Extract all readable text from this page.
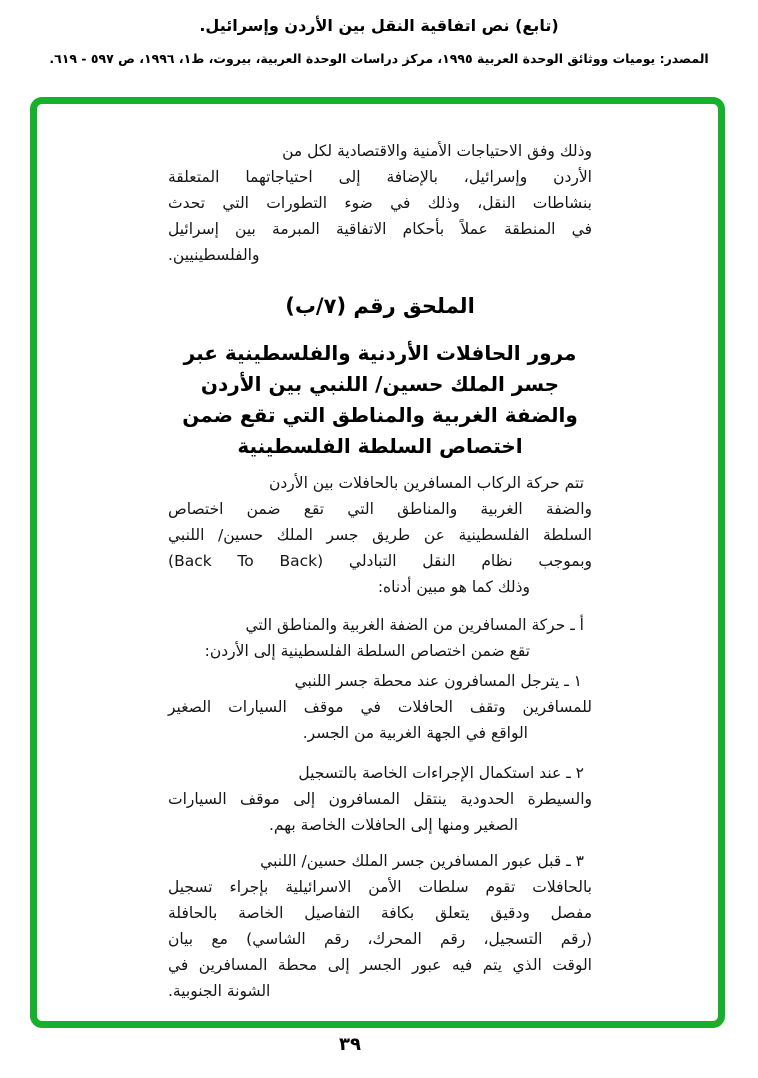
(تابع) نص اتفاقية النقل بين الأردن وإسرائيل.
المصدر: يوميات ووثائق الوحدة العربية ١٩٩٥، مركز دراسات الوحدة العربية، بيروت، ط١، ١٩٩٦، ص ٥٩٧ - ٦١٩.
وذلك وفق الاحتياجات الأمنية والاقتصادية لكل من
الأردن وإسرائيل، بالإضافة إلى احتياجاتهما المتعلقة
بنشاطات النقل، وذلك في ضوء التطورات التي تحدث
في المنطقة عملاً بأحكام الاتفاقية المبرمة بين إسرائيل
والفلسطينيين.
الملحق رقم (٧/ب)
مرور الحافلات الأردنية والفلسطينية عبر
جسر الملك حسين/ اللنبي بين الأردن
والضفة الغربية والمناطق التي تقع ضمن
اختصاص السلطة الفلسطينية
تتم حركة الركاب المسافرين بالحافلات بين الأردن
والضفة الغربية والمناطق التي تقع ضمن اختصاص
السلطة الفلسطينية عن طريق جسر الملك حسين/ اللنبي
وبموجب نظام النقل التبادلي (Back To Back)
وذلك كما هو مبين أدناه:
أ ـ حركة المسافرين من الضفة الغربية والمناطق التي
تقع ضمن اختصاص السلطة الفلسطينية إلى الأردن:
١ ـ يترجل المسافرون عند محطة جسر اللنبي
للمسافرين وتقف الحافلات في موقف السيارات الصغير
الواقع في الجهة الغربية من الجسر.
٢ ـ عند استكمال الإجراءات الخاصة بالتسجيل
والسيطرة الحدودية ينتقل المسافرون إلى موقف السيارات
الصغير ومنها إلى الحافلات الخاصة بهم.
٣ ـ قبل عبور المسافرين جسر الملك حسين/ اللنبي
بالحافلات تقوم سلطات الأمن الاسرائيلية بإجراء تسجيل
مفصل ودقيق يتعلق بكافة التفاصيل الخاصة بالحافلة
(رقم التسجيل، رقم المحرك، رقم الشاسي) مع بيان
الوقت الذي يتم فيه عبور الجسر إلى محطة المسافرين في
الشونة الجنوبية.
٣٩
